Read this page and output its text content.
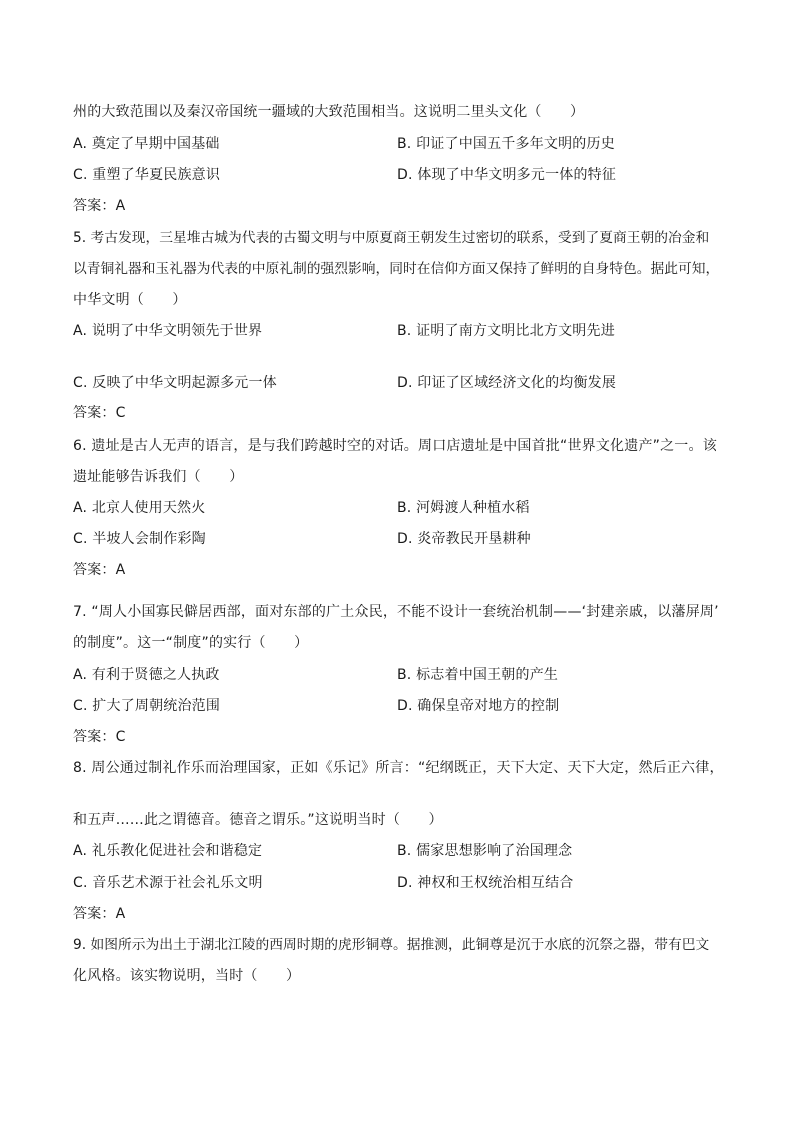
州的大致范围以及秦汉帝国统一疆域的大致范围相当。这说明二里头文化（　　）
A. 奠定了早期中国基础	B. 印证了中国五千多年文明的历史
C. 重塑了华夏民族意识	D. 体现了中华文明多元一体的特征
答案：A
5. 考古发现，三星堆古城为代表的古蜀文明与中原夏商王朝发生过密切的联系，受到了夏商王朝的冶金和
以青铜礼器和玉礼器为代表的中原礼制的强烈影响，同时在信仰方面又保持了鲜明的自身特色。据此可知，
中华文明（　　）
A. 说明了中华文明领先于世界	B. 证明了南方文明比北方文明先进
C. 反映了中华文明起源多元一体	D. 印证了区域经济文化的均衡发展
答案：C
6. 遗址是古人无声的语言，是与我们跨越时空的对话。周口店遗址是中国首批“世界文化遗产”之一。该
遗址能够告诉我们（　　）
A. 北京人使用天然火	B. 河姆渡人种植水稻
C. 半坡人会制作彩陶	D. 炎帝教民开垦耕种
答案：A
7. “周人小国寡民僻居西部，面对东部的广土众民，不能不设计一套统治机制——‘封建亲戚，以藩屏周’
的制度”。这一“制度”的实行（　　）
A. 有利于贤德之人执政	B. 标志着中国王朝的产生
C. 扩大了周朝统治范围	D. 确保皇帝对地方的控制
答案：C
8. 周公通过制礼作乐而治理国家，正如《乐记》所言：“纪纲既正，天下大定、天下大定，然后正六律，
和五声……此之谓德音。德音之谓乐。”这说明当时（　　）
A. 礼乐教化促进社会和谐稳定	B. 儒家思想影响了治国理念
C. 音乐艺术源于社会礼乐文明	D. 神权和王权统治相互结合
答案：A
9. 如图所示为出土于湖北江陵的西周时期的虎形铜尊。据推测，此铜尊是沉于水底的沉祭之器，带有巴文
化风格。该实物说明，当时（　　）
